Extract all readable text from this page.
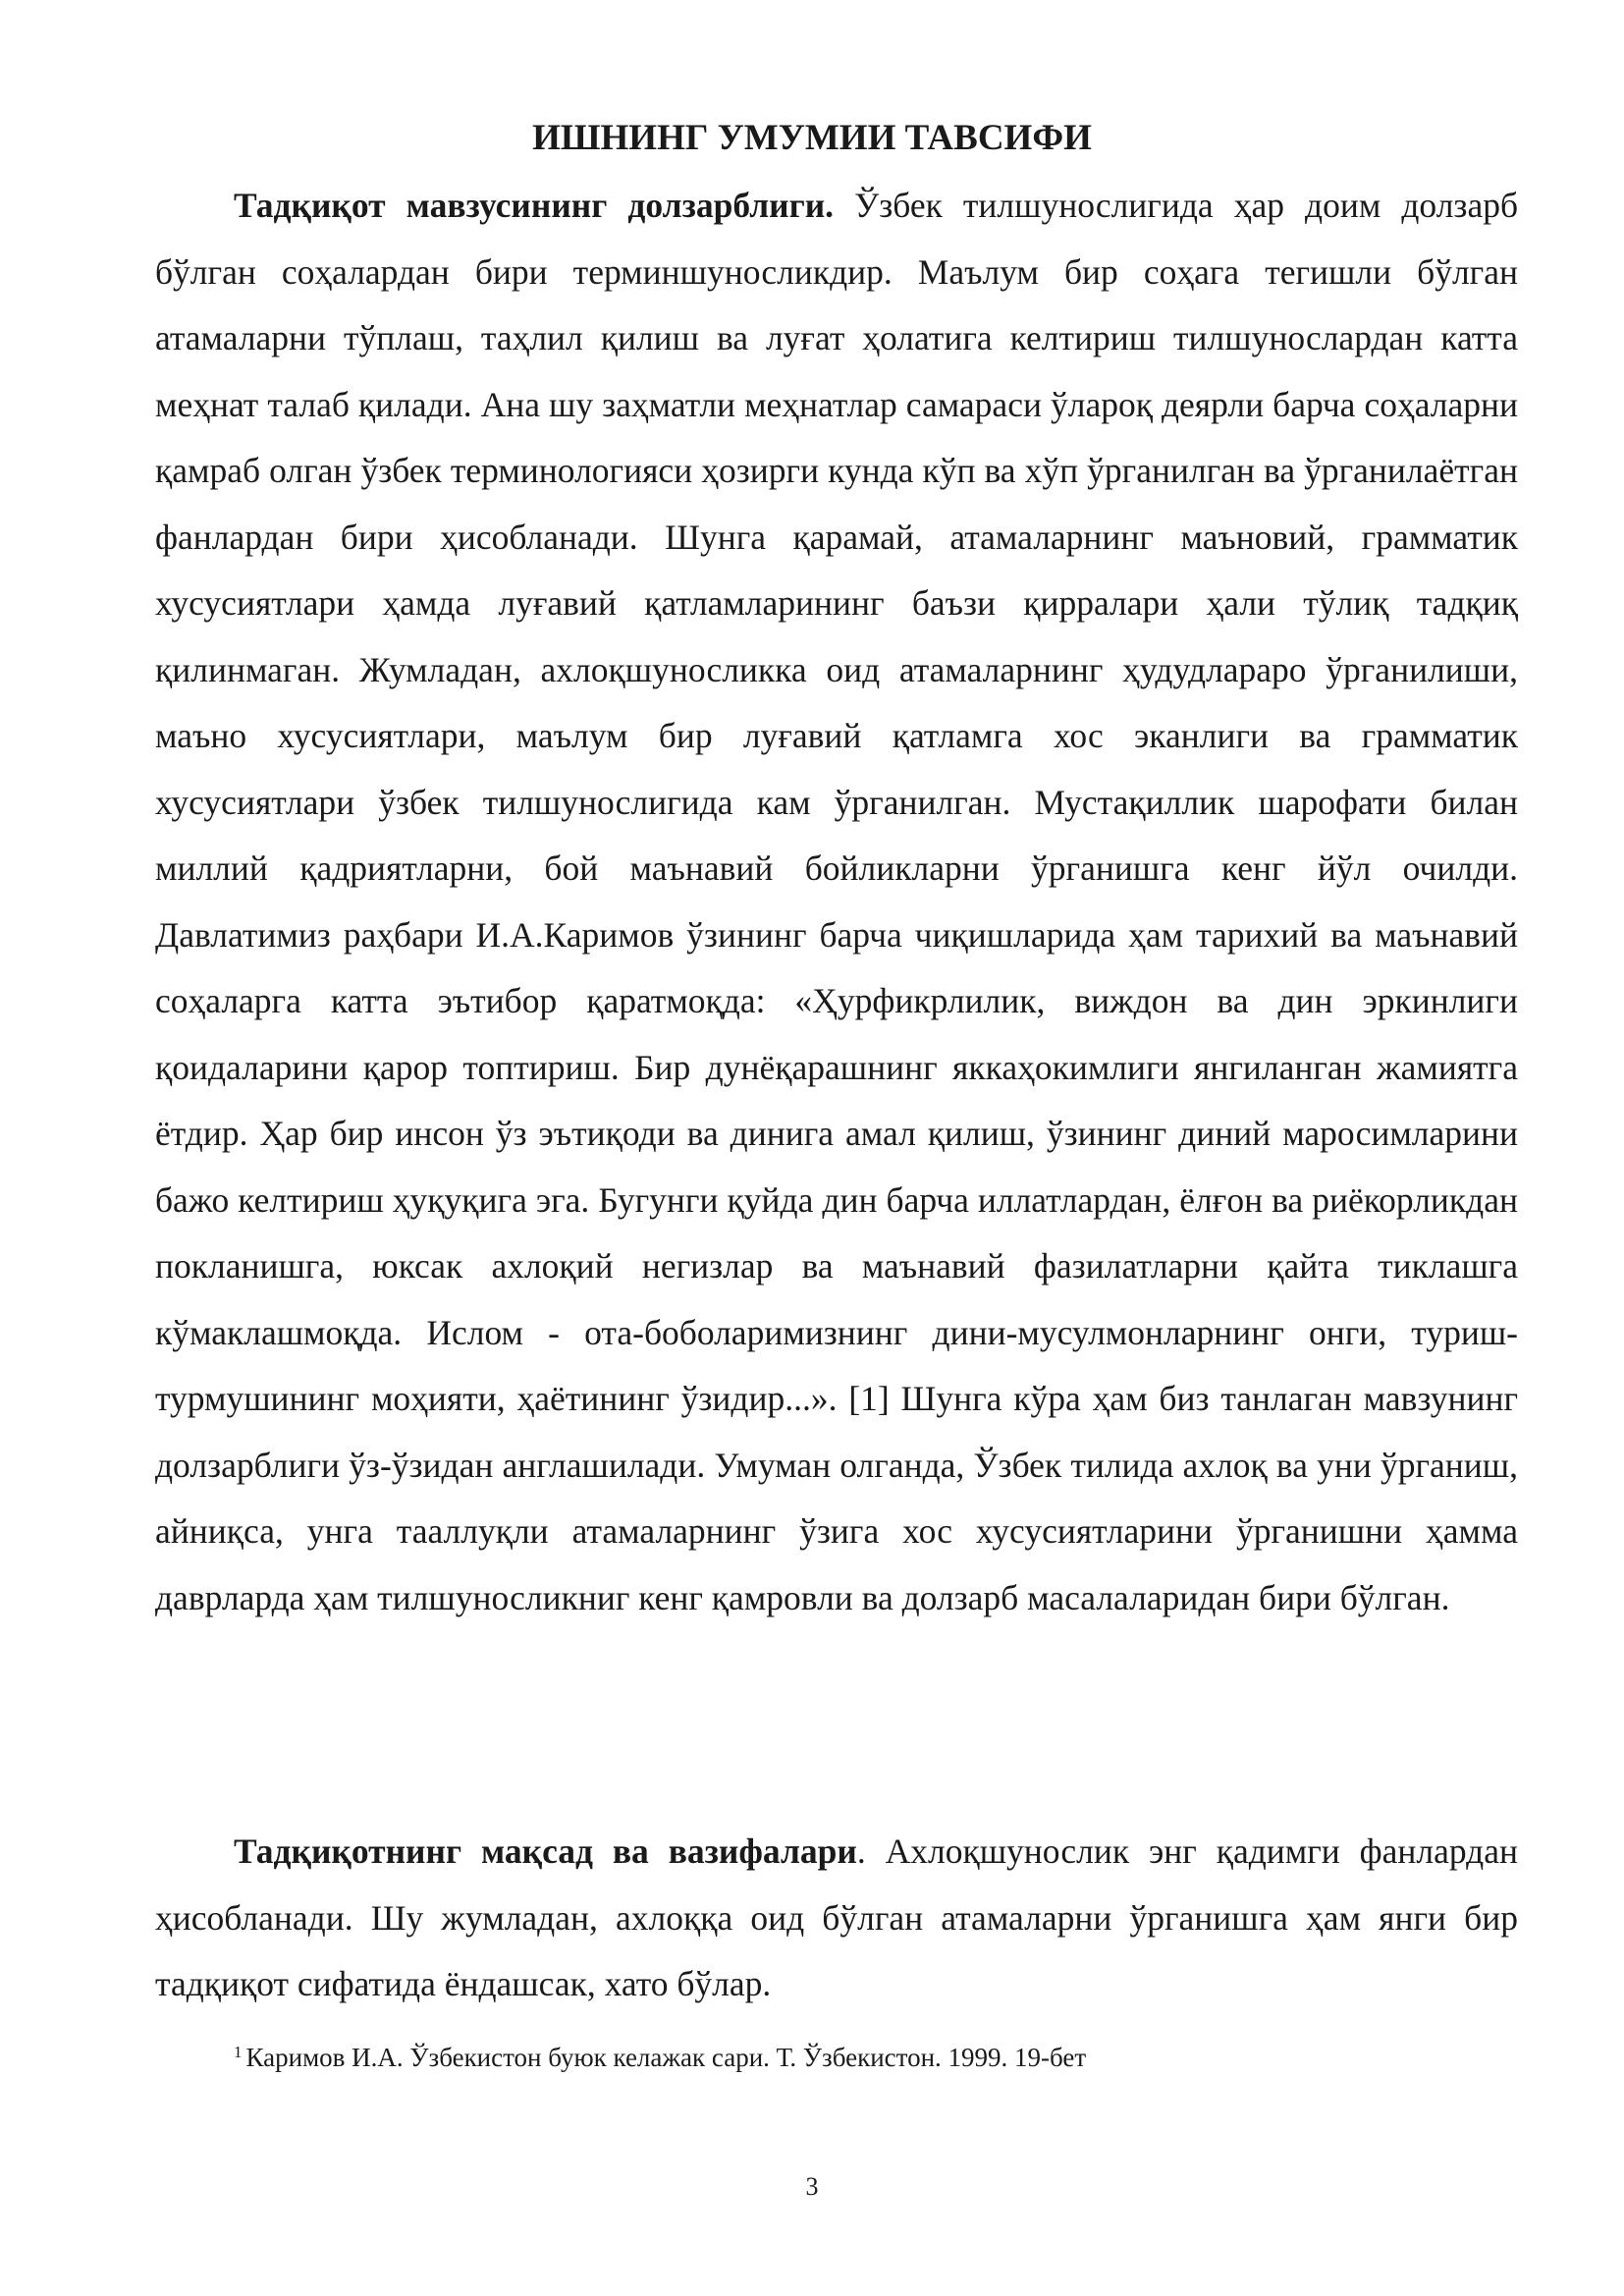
ИШНИНГ УМУМИИ ТАВСИФИ

Тадқиқот мавзусининг долзарблиги. Ўзбек тилшунослигида ҳар доим долзарб бўлган соҳалардан бири терминшуносликдир. Маълум бир соҳага тегишли бўлган атамаларни тўплаш, таҳлил қилиш ва луғат ҳолатига келтириш тилшунослардан катта меҳнат талаб қилади. Ана шу заҳматли меҳнатлар самараси ўлароқ деярли барча соҳаларни қамраб олган ўзбек терминологияси ҳозирги кунда кўп ва хўп ўрганилган ва ўрганилаётган фанлардан бири ҳисобланади. Шунга қарамай, атамаларнинг маъновий, грамматик хусусиятлари ҳамда луғавий қатламларининг баъзи қирралари ҳали тўлиқ тадқиқ қилинмаган. Жумладан, ахлоқшуносликка оид атамаларнинг ҳудудлараро ўрганилиши, маъно хусусиятлари, маълум бир луғавий қатламга хос эканлиги ва грамматик хусусиятлари ўзбек тилшунослигида кам ўрганилган. Мустақиллик шарофати билан миллий қадриятларни, бой маънавий бойликларни ўрганишга кенг йўл очилди. Давлатимиз раҳбари И.А.Каримов ўзининг барча чиқишларида ҳам тарихий ва маънавий соҳаларга катта эътибор қаратмоқда: «Ҳурфикрлилик, виждон ва дин эркинлиги қоидаларини қарор топтириш. Бир дунёқарашнинг яккаҳокимлиги янгиланган жамиятга ётдир. Ҳар бир инсон ўз эътиқоди ва динига амал қилиш, ўзининг диний маросимларини бажо келтириш ҳуқуқига эга. Бугунги қуйда дин барча иллатлардан, ёлғон ва риёкорликдан покланишга, юксак ахлоқий негизлар ва маънавий фазилатларни қайта тиклашга кўмаклашмоқда. Ислом - ота-боболаримизнинг дини-мусулмонларнинг онги, туриш-турмушининг моҳияти, ҳаётининг ўзидир...». [1] Шунга кўра ҳам биз танлаган мавзунинг долзарблиги ўз-ўзидан англашилади. Умуман олганда, Ўзбек тилида ахлоқ ва уни ўрганиш, айниқса, унга тааллуқли атамаларнинг ўзига хос хусусиятларини ўрганишни ҳамма даврларда ҳам тилшуносликниг кенг қамровли ва долзарб масалаларидан бири бўлган.

Тадқиқотнинг мақсад ва вазифалари. Ахлоқшунослик энг қадимги фанлардан ҳисобланади. Шу жумладан, ахлоққа оид бўлган атамаларни ўрганишга ҳам янги бир тадқиқот сифатида ёндашсак, хато бўлар.

$^1$ Каримов И.А. Ўзбекистон буюк келажак сари. Т. Ўзбекистон. 1999. 19-бет

3
